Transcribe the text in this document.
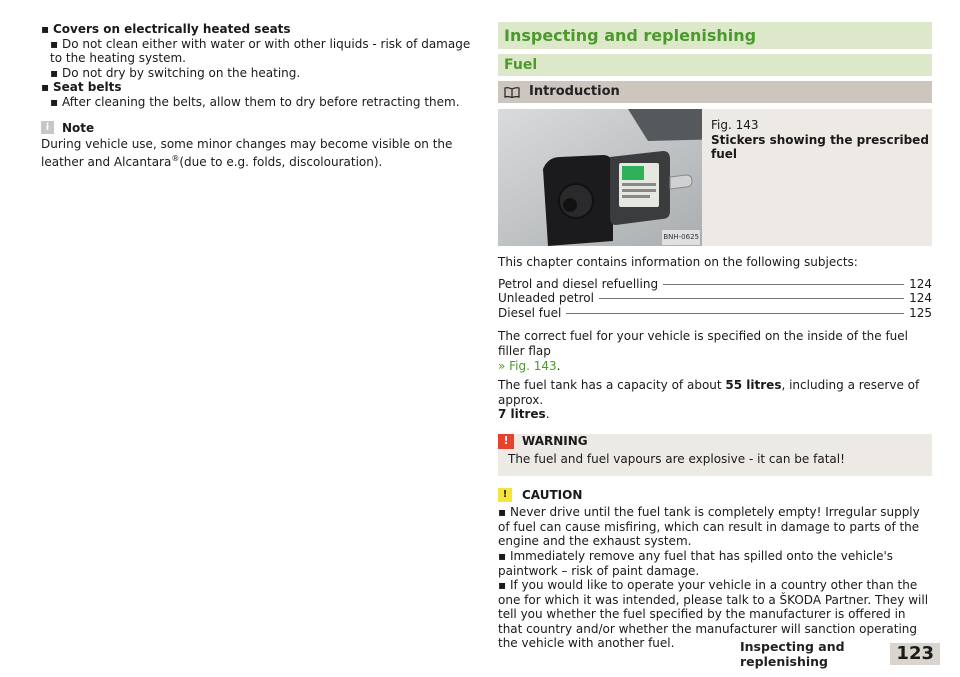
▪ Covers on electrically heated seats

▪ Do not clean either with water or with other liquids - risk of damage to the heating system.

▪ Do not dry by switching on the heating.

▪ Seat belts

▪ After cleaning the belts, allow them to dry before retracting them.

i	Note

During vehicle use, some minor changes may become visible on the leather and Alcantara®(due to e.g. folds, discolouration).

Inspecting and replenishing
Fuel
Introduction
BNH-0625
Fig. 143
Stickers showing the prescribed fuel

This chapter contains information on the following subjects:

Petrol and diesel refuelling	124
Unleaded petrol	124
Diesel fuel	125

The correct fuel for your vehicle is specified on the inside of the fuel filler flap
» Fig. 143.

The fuel tank has a capacity of about 55 litres, including a reserve of approx.
7 litres.

!	WARNING
The fuel and fuel vapours are explosive - it can be fatal!
!	CAUTION

▪ Never drive until the fuel tank is completely empty! Irregular supply of fuel can cause misfiring, which can result in damage to parts of the engine and the exhaust system.

▪ Immediately remove any fuel that has spilled onto the vehicle's paintwork – risk of paint damage.

▪ If you would like to operate your vehicle in a country other than the one for which it was intended, please talk to a ŠKODA Partner. They will tell you whether the fuel specified by the manufacturer is offered in that country and/or whether the manufacturer will sanction operating the vehicle with another fuel.	Inspecting and replenishing	123
